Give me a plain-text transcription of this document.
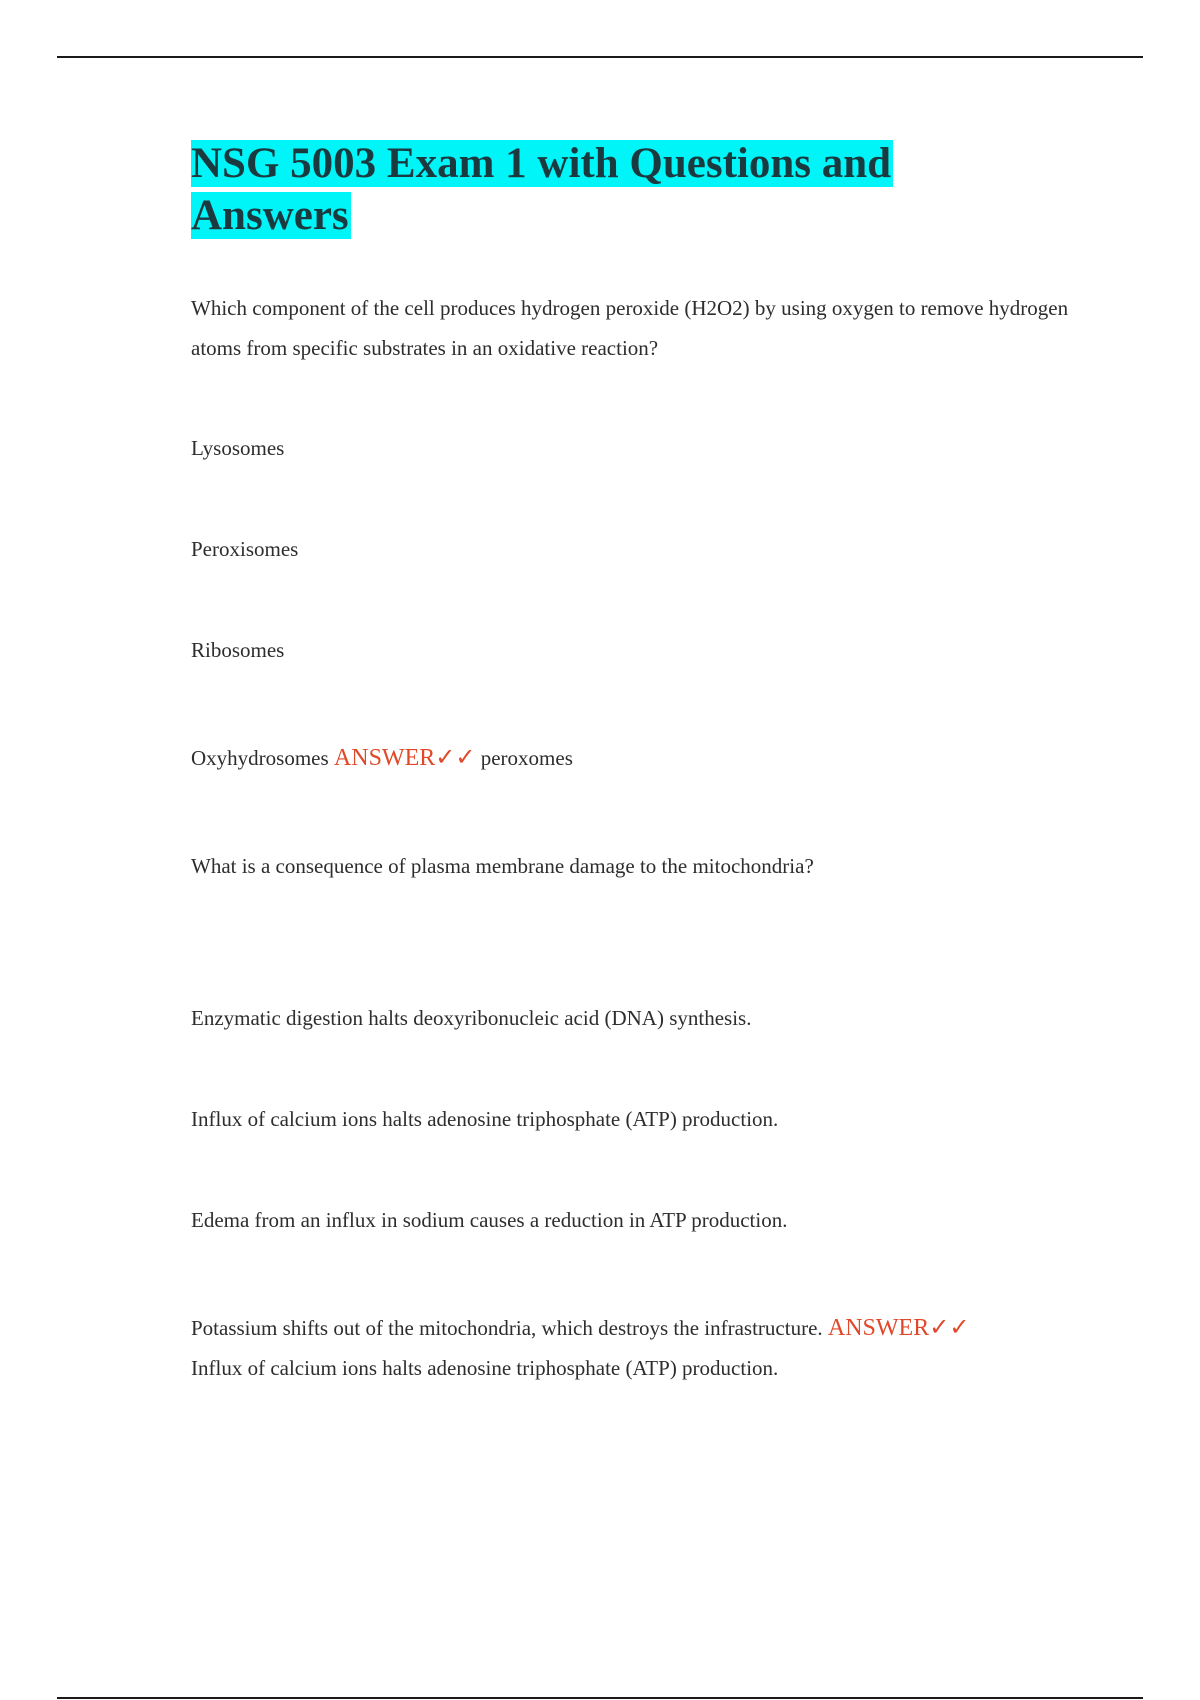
NSG 5003 Exam 1 with Questions and Answers

Which component of the cell produces hydrogen peroxide (H2O2) by using oxygen to remove hydrogen atoms from specific substrates in an oxidative reaction?

Lysosomes

Peroxisomes

Ribosomes

Oxyhydrosomes ANSWER✓✓ peroxomes

What is a consequence of plasma membrane damage to the mitochondria?

Enzymatic digestion halts deoxyribonucleic acid (DNA) synthesis.

Influx of calcium ions halts adenosine triphosphate (ATP) production.

Edema from an influx in sodium causes a reduction in ATP production.

Potassium shifts out of the mitochondria, which destroys the infrastructure. ANSWER✓✓
Influx of calcium ions halts adenosine triphosphate (ATP) production.
